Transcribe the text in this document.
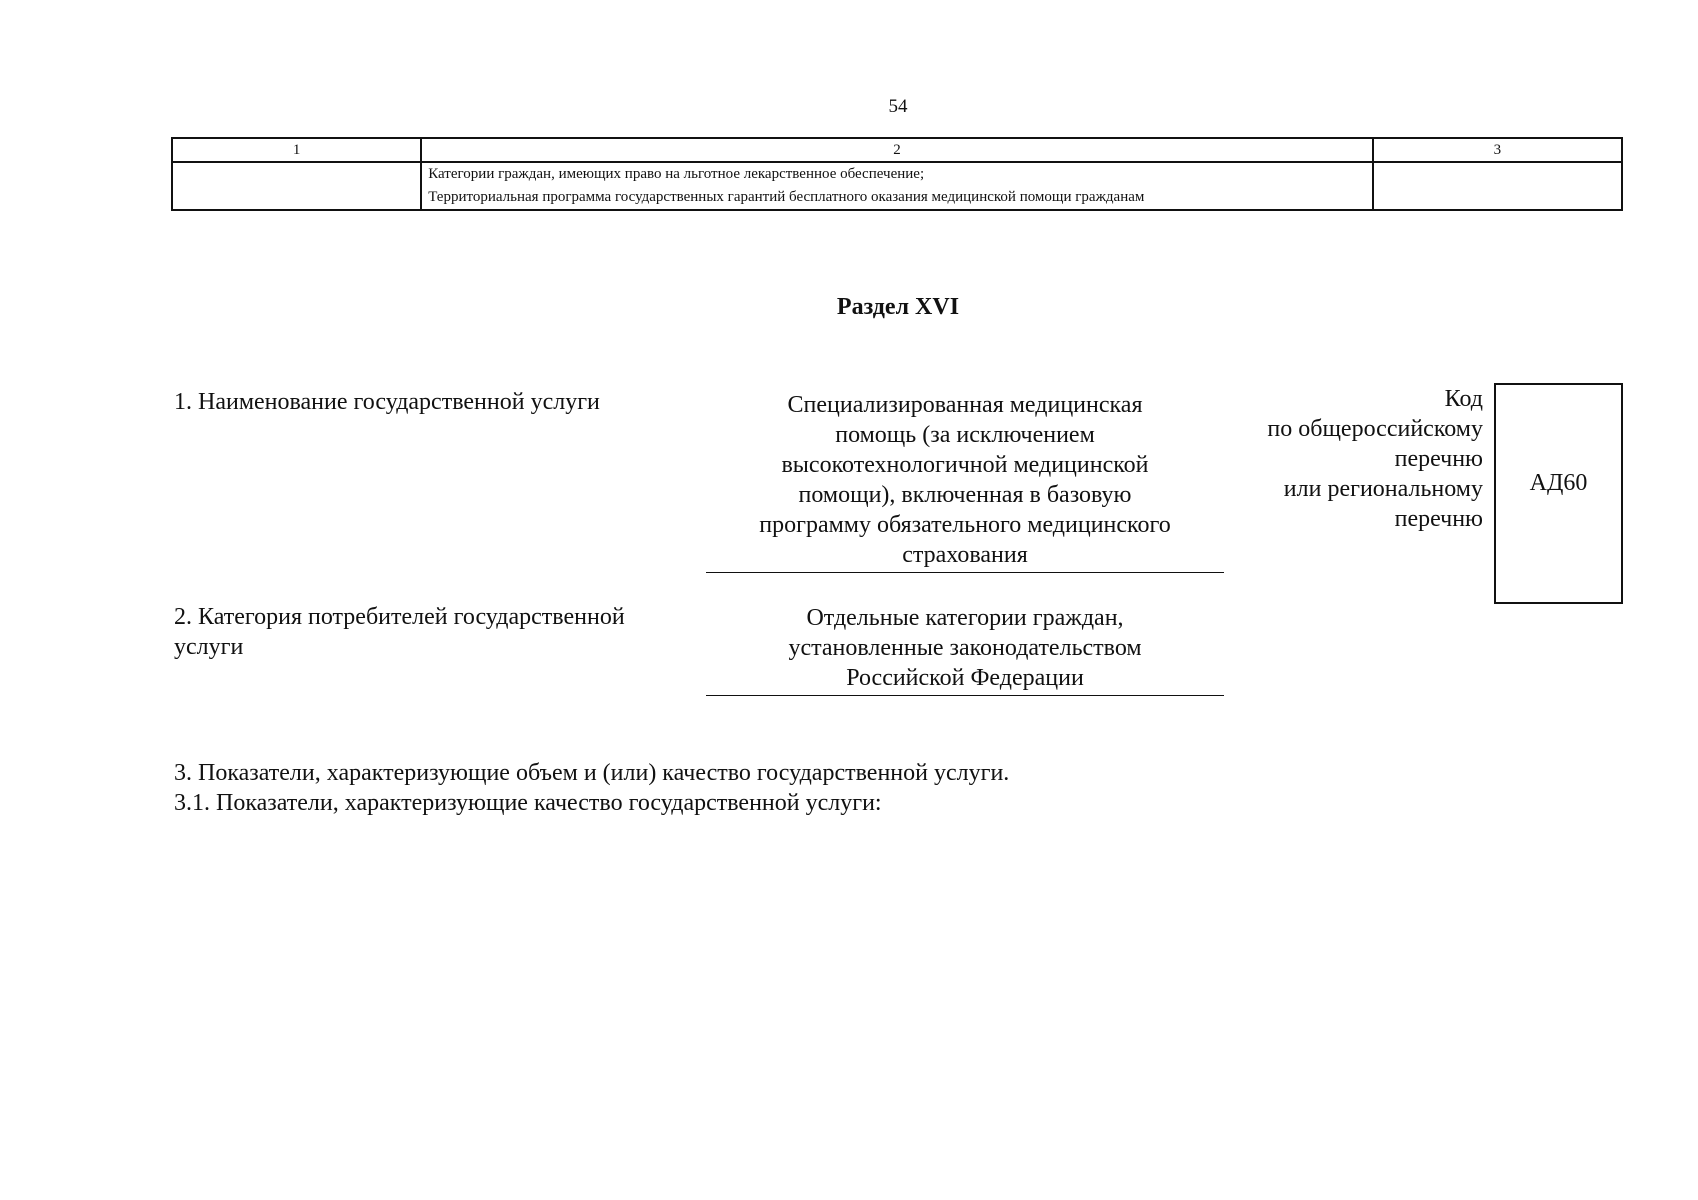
54
1	2	3

	Категории граждан, имеющих право на льготное лекарственное обеспечение;
Территориальная программа государственных гарантий бесплатного оказания медицинской помощи гражданам	

Раздел XVI
1. Наименование государственной услуги	Специализированная медицинская
помощь (за исключением
высокотехнологичной медицинской
помощи), включенная в базовую
программу обязательного медицинского
страхования
Код
по общероссийскому
перечню
или региональному
перечню
АД60
2. Категория потребителей государственной
услуги
Отдельные категории граждан,
установленные законодательством
Российской Федерации
3. Показатели, характеризующие объем и (или) качество государственной услуги.
3.1. Показатели, характеризующие качество государственной услуги:
